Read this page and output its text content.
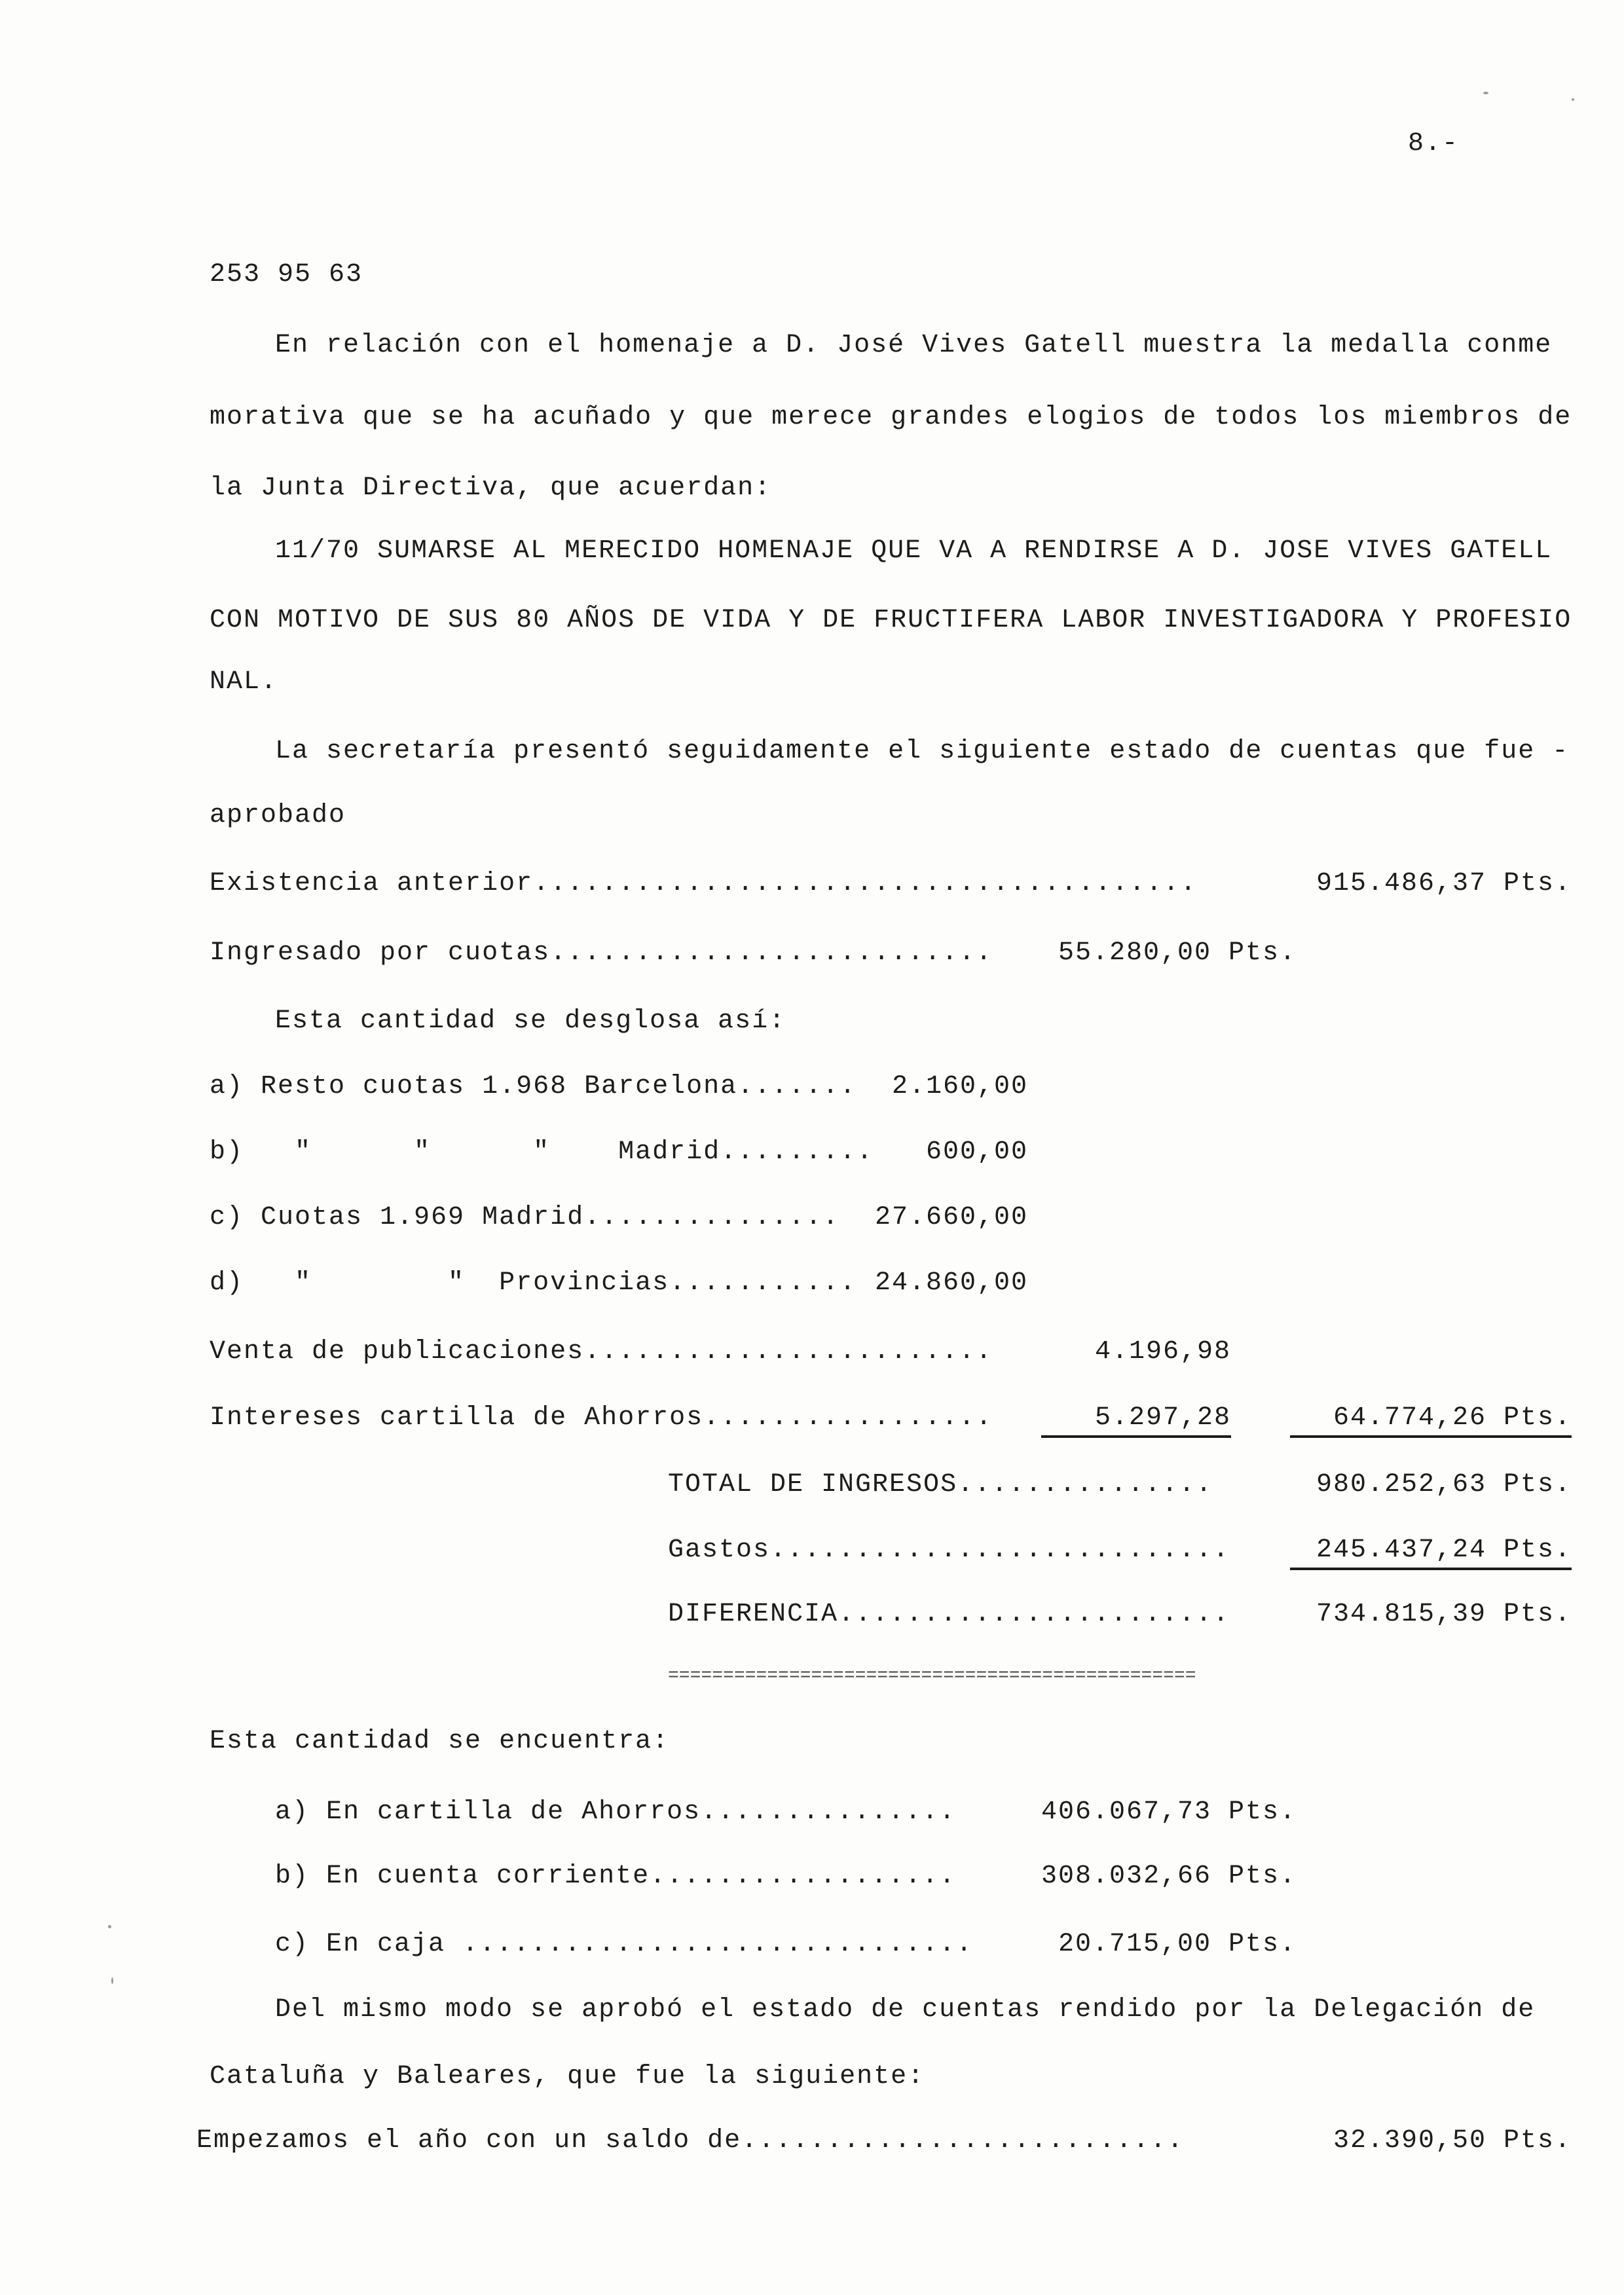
8.-
253 95 63
En relación con el homenaje a D. José Vives Gatell muestra la medalla conme
morativa que se ha acuñado y que merece grandes elogios de todos los miembros de
la Junta Directiva, que acuerdan:
11/70 SUMARSE AL MERECIDO HOMENAJE QUE VA A RENDIRSE A D. JOSE VIVES GATELL
CON MOTIVO DE SUS 80 AÑOS DE VIDA Y DE FRUCTIFERA LABOR INVESTIGADORA Y PROFESIO
NAL.
La secretaría presentó seguidamente el siguiente estado de cuentas que fue -
aprobado
Existencia anterior.......................................	915.486,37 Pts.
Ingresado por cuotas..........................	55.280,00 Pts.
Esta cantidad se desglosa así:
a) Resto cuotas 1.968 Barcelona.......	2.160,00
b)   "      "      "    Madrid.........	600,00
c) Cuotas 1.969 Madrid...............	27.660,00
d)   "        "  Provincias........... 24.860,00
Venta de publicaciones........................	4.196,98
Intereses cartilla de Ahorros.................	5.297,28	64.774,26 Pts.
TOTAL DE INGRESOS...............	980.252,63 Pts.
Gastos...........................	245.437,24 Pts.
DIFERENCIA.......................	734.815,39 Pts.
================================================
Esta cantidad se encuentra:
a) En cartilla de Ahorros...............	406.067,73 Pts.
b) En cuenta corriente..................	308.032,66 Pts.
c) En caja ..............................	20.715,00 Pts.
Del mismo modo se aprobó el estado de cuentas rendido por la Delegación de
Cataluña y Baleares, que fue la siguiente:
Empezamos el año con un saldo de..........................	32.390,50 Pts.
